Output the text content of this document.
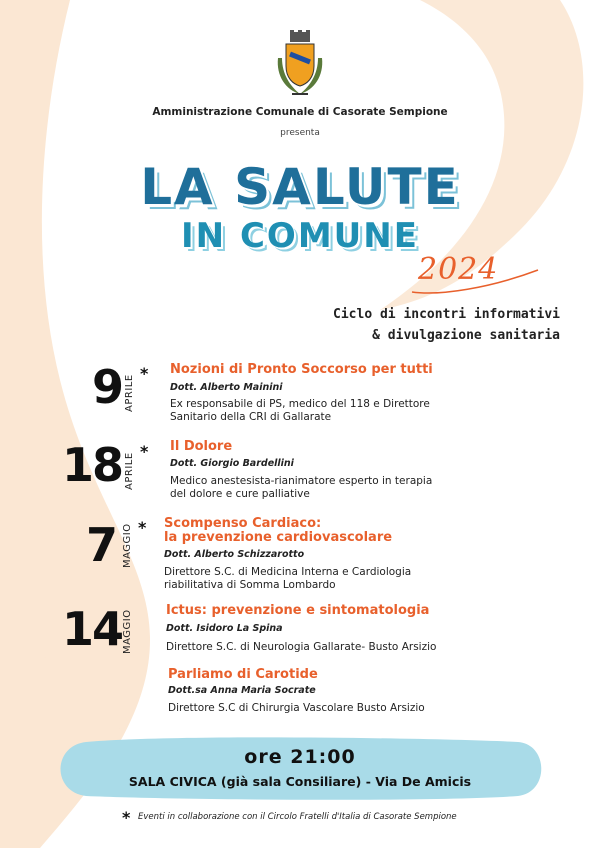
Amministrazione Comunale di Casorate Sempione
presenta
LA SALUTE
IN COMUNE
2024
Ciclo di incontri informativi
& divulgazione sanitaria
9 APRILE
* Nozioni di Pronto Soccorso per tutti
Dott. Alberto Mainini
Ex responsabile di PS, medico del 118 e Direttore
Sanitario della CRI di Gallarate
18 APRILE
* Il Dolore
Dott. Giorgio Bardellini
Medico anestesista-rianimatore esperto in terapia
del dolore e cure palliative
7 MAGGIO * Scompenso Cardiaco:
la prevenzione cardiovascolare
Dott. Alberto Schizzarotto
Direttore S.C. di Medicina Interna e Cardiologia
riabilitativa di Somma Lombardo
14 MAGGIO	Ictus: prevenzione e sintomatologia
Dott. Isidoro La Spina
Direttore S.C. di Neurologia Gallarate- Busto Arsizio
Parliamo di Carotide
Dott.sa Anna Maria Socrate
Direttore S.C di Chirurgia Vascolare Busto Arsizio
ore 21:00
SALA CIVICA (già sala Consiliare) - Via De Amicis
* Eventi in collaborazione con il Circolo Fratelli d'Italia di Casorate Sempione
